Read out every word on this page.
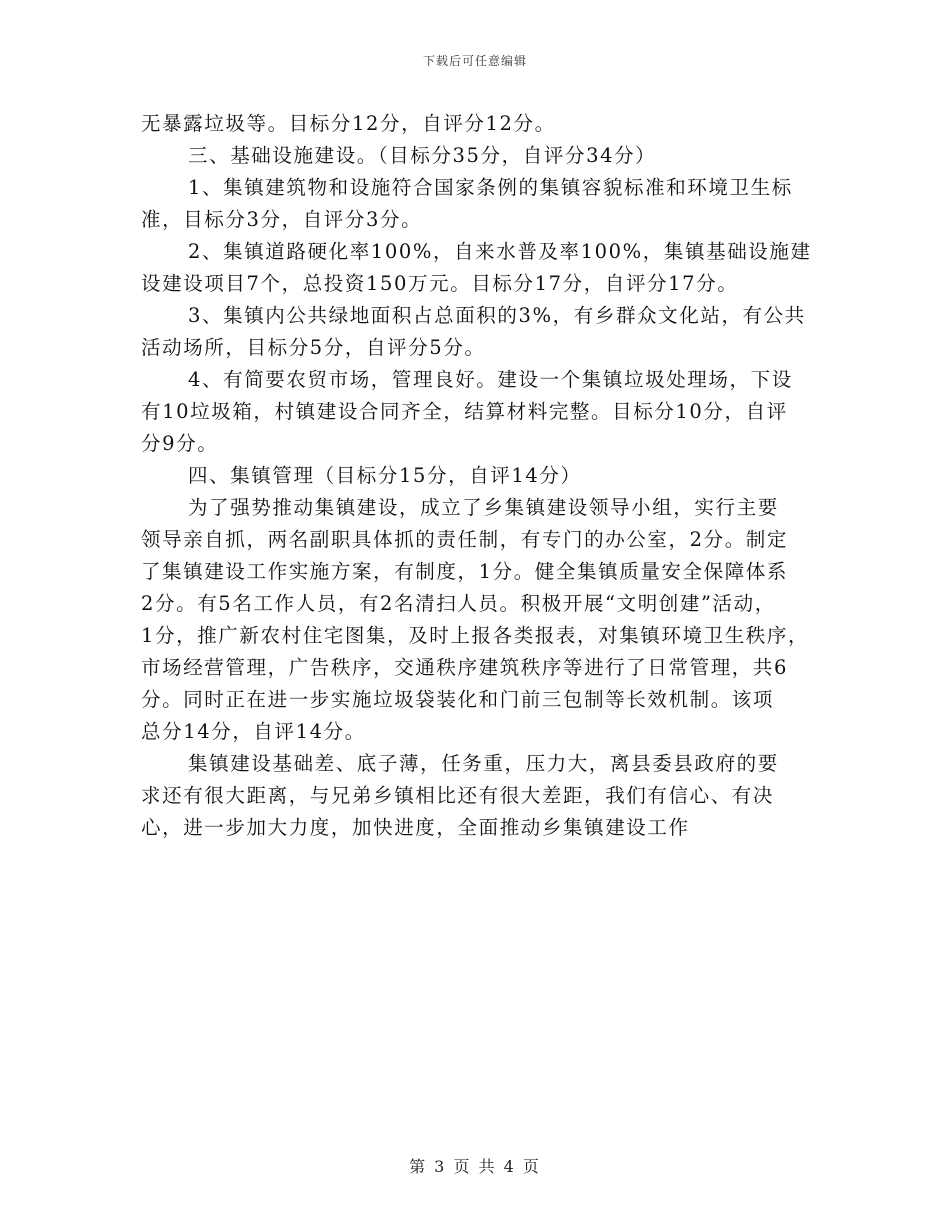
下载后可任意编辑
无暴露垃圾等。目标分12分，自评分12分。
三、基础设施建设。（目标分35分，自评分34分）
1、集镇建筑物和设施符合国家条例的集镇容貌标准和环境卫生标
准，目标分3分，自评分3分。
2、集镇道路硬化率100%，自来水普及率100%，集镇基础设施建
设建设项目7个，总投资150万元。目标分17分，自评分17分。
3、集镇内公共绿地面积占总面积的3%，有乡群众文化站，有公共
活动场所，目标分5分，自评分5分。
4、有简要农贸市场，管理良好。建设一个集镇垃圾处理场，下设
有10垃圾箱，村镇建设合同齐全，结算材料完整。目标分10分，自评
分9分。
四、集镇管理（目标分15分，自评14分）
为了强势推动集镇建设，成立了乡集镇建设领导小组，实行主要
领导亲自抓，两名副职具体抓的责任制，有专门的办公室，2分。制定
了集镇建设工作实施方案，有制度，1分。健全集镇质量安全保障体系
2分。有5名工作人员，有2名清扫人员。积极开展“文明创建”活动，
1分，推广新农村住宅图集，及时上报各类报表，对集镇环境卫生秩序，
市场经营管理，广告秩序，交通秩序建筑秩序等进行了日常管理，共6
分。同时正在进一步实施垃圾袋装化和门前三包制等长效机制。该项
总分14分，自评14分。
集镇建设基础差、底子薄，任务重，压力大，离县委县政府的要
求还有很大距离，与兄弟乡镇相比还有很大差距，我们有信心、有决
心，进一步加大力度，加快进度，全面推动乡集镇建设工作
第 3 页 共 4 页
